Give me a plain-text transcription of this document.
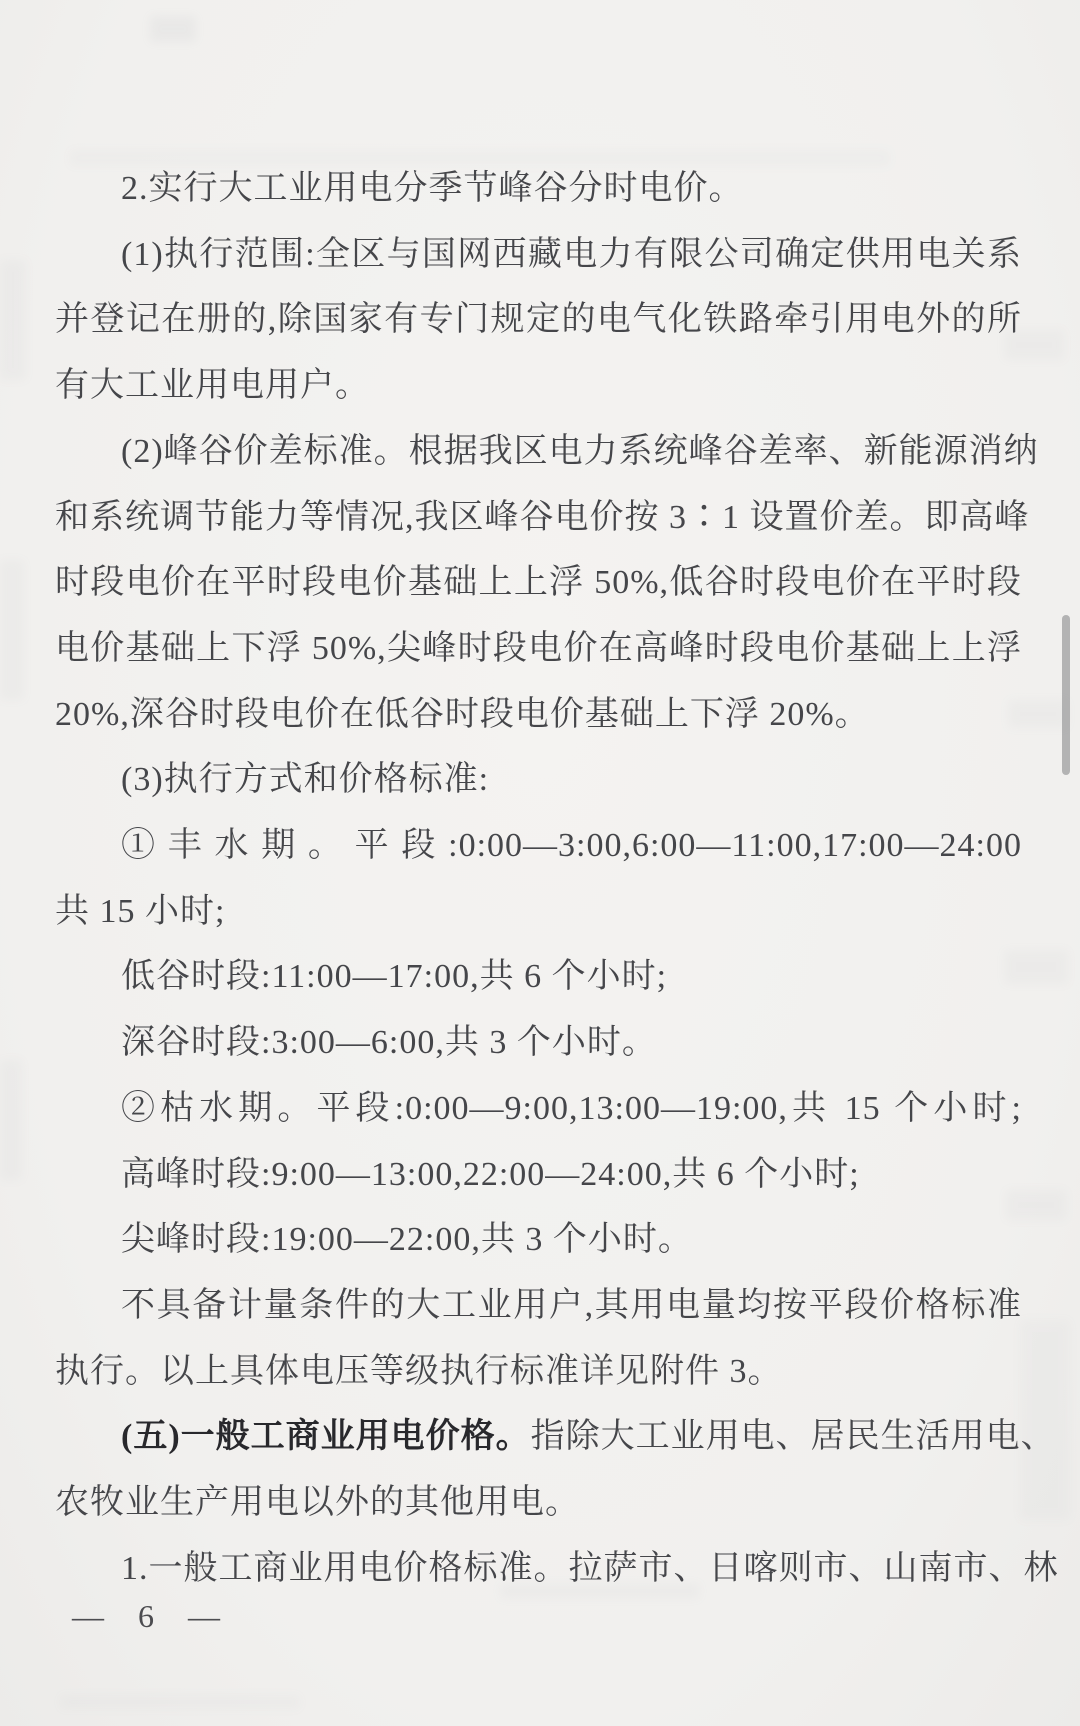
2.实行大工业用电分季节峰谷分时电价。
(1)执行范围:全区与国网西藏电力有限公司确定供用电关系
并登记在册的,除国家有专门规定的电气化铁路牵引用电外的所
有大工业用电用户。
(2)峰谷价差标准。根据我区电力系统峰谷差率、新能源消纳
和系统调节能力等情况,我区峰谷电价按 3∶1 设置价差。即高峰
时段电价在平时段电价基础上上浮 50%,低谷时段电价在平时段
电价基础上下浮 50%,尖峰时段电价在高峰时段电价基础上上浮
20%,深谷时段电价在低谷时段电价基础上下浮 20%。
(3)执行方式和价格标准:
①丰水期。平段:0:00—3:00,6:00—11:00,17:00—24:00
共 15 小时;
低谷时段:11:00—17:00,共 6 个小时;
深谷时段:3:00—6:00,共 3 个小时。
②枯水期。平段:0:00—9:00,13:00—19:00,共 15 个小时;
高峰时段:9:00—13:00,22:00—24:00,共 6 个小时;
尖峰时段:19:00—22:00,共 3 个小时。
不具备计量条件的大工业用户,其用电量均按平段价格标准
执行。以上具体电压等级执行标准详见附件 3。
(五)一般工商业用电价格。指除大工业用电、居民生活用电、
农牧业生产用电以外的其他用电。
1.一般工商业用电价格标准。拉萨市、日喀则市、山南市、林
— 6 —
